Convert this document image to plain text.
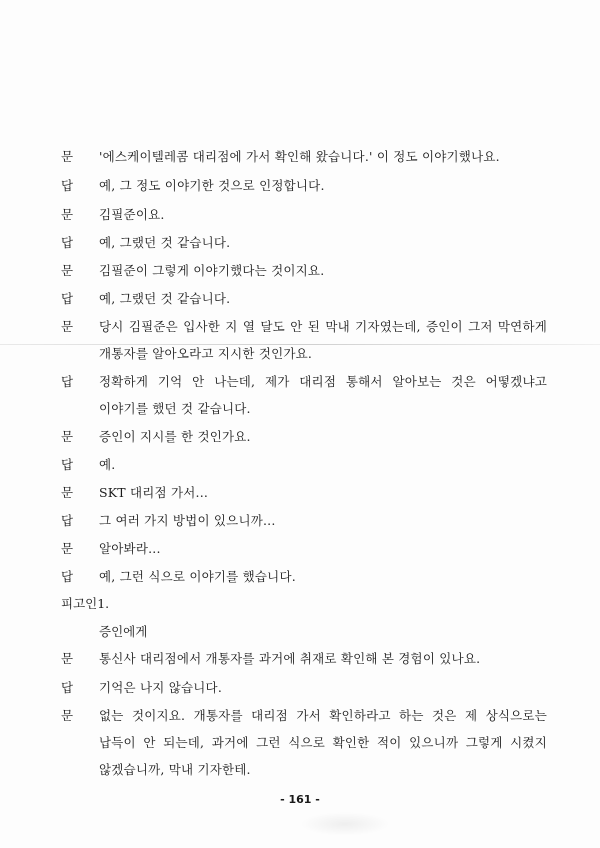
문	'에스케이텔레콤 대리점에 가서 확인해 왔습니다.' 이 정도 이야기했나요.
답	예, 그 정도 이야기한 것으로 인정합니다.
문	김필준이요.
답	예, 그랬던 것 같습니다.
문	김필준이 그렇게 이야기했다는 것이지요.
답	예, 그랬던 것 같습니다.
문	당시 김필준은 입사한 지 열 달도 안 된 막내 기자였는데, 증인이 그저 막연하게 개통자를 알아오라고 지시한 것인가요.
답	정확하게 기억 안 나는데, 제가 대리점 통해서 알아보는 것은 어떻겠냐고 이야기를 했던 것 같습니다.
문	증인이 지시를 한 것인가요.
답	예.
문	SKT 대리점 가서...
답	그 여러 가지 방법이 있으니까...
문	알아봐라...
답	예, 그런 식으로 이야기를 했습니다.
피고인1.
증인에게
문	통신사 대리점에서 개통자를 과거에 취재로 확인해 본 경험이 있나요.
답	기억은 나지 않습니다.
문	없는 것이지요. 개통자를 대리점 가서 확인하라고 하는 것은 제 상식으로는 납득이 안 되는데, 과거에 그런 식으로 확인한 적이 있으니까 그렇게 시켰지 않겠습니까, 막내 기자한테.
- 161 -
